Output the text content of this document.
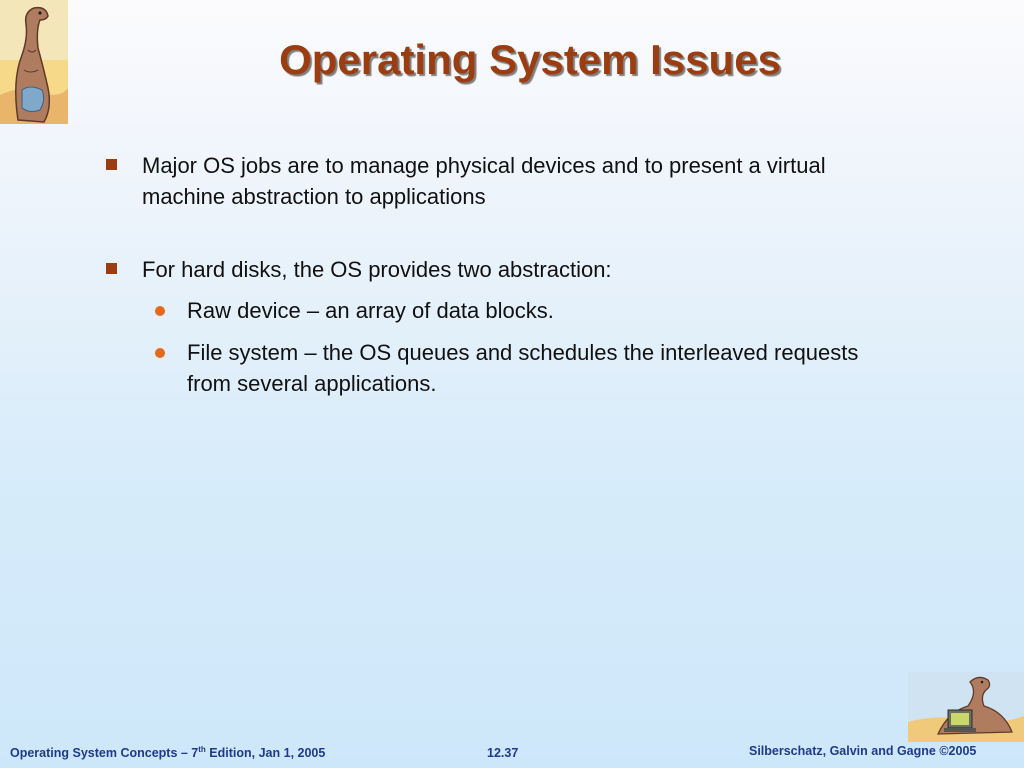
Operating System Issues
Major OS jobs are to manage physical devices and to present a virtual machine abstraction to applications
For hard disks, the OS provides two abstraction:
Raw device – an array of data blocks.
File system – the OS queues and schedules the interleaved requests from several applications.
Operating System Concepts – 7th Edition, Jan 1, 2005	12.37	Silberschatz, Galvin and Gagne ©2005
